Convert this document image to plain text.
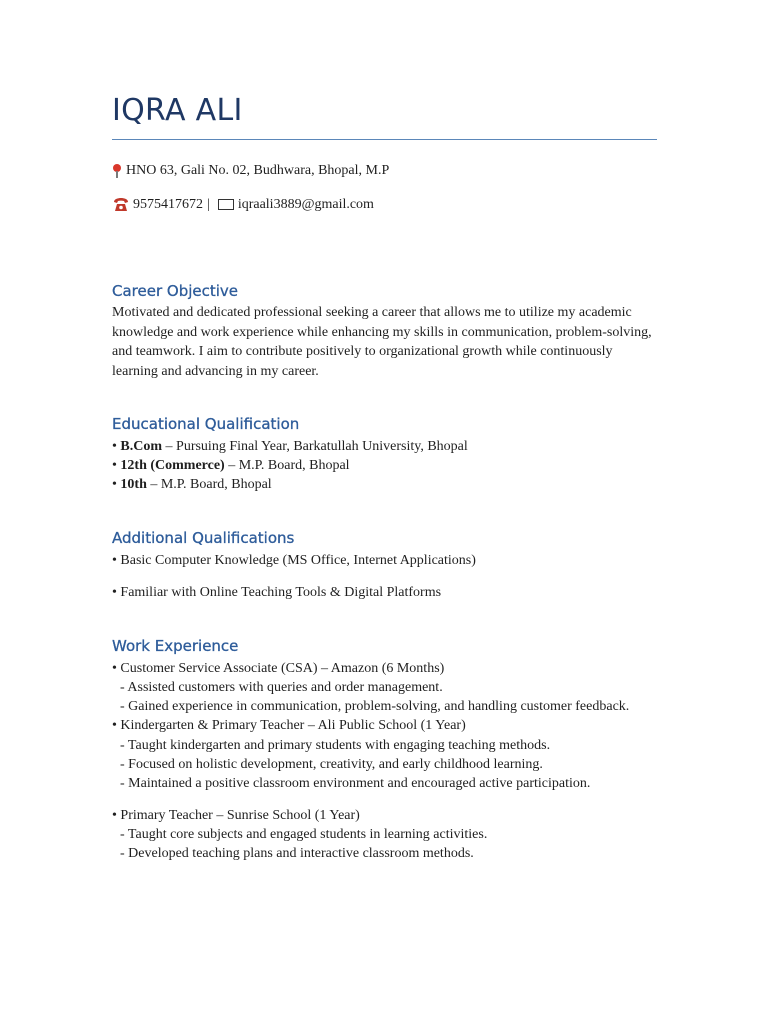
IQRA ALI
HNO 63, Gali No. 02, Budhwara, Bhopal, M.P
9575417672 | iqraali3889@gmail.com
Career Objective

Motivated and dedicated professional seeking a career that allows me to utilize my academic knowledge and work experience while enhancing my skills in communication, problem-solving, and teamwork. I aim to contribute positively to organizational growth while continuously learning and advancing in my career.

Educational Qualification
• B.Com – Pursuing Final Year, Barkatullah University, Bhopal
• 12th (Commerce) – M.P. Board, Bhopal
• 10th – M.P. Board, Bhopal
Additional Qualifications
• Basic Computer Knowledge (MS Office, Internet Applications)
• Familiar with Online Teaching Tools & Digital Platforms
Work Experience
• Customer Service Associate (CSA) – Amazon (6 Months)
- Assisted customers with queries and order management.
- Gained experience in communication, problem-solving, and handling customer feedback.
• Kindergarten & Primary Teacher – Ali Public School (1 Year)
- Taught kindergarten and primary students with engaging teaching methods.
- Focused on holistic development, creativity, and early childhood learning.
- Maintained a positive classroom environment and encouraged active participation.
• Primary Teacher – Sunrise School (1 Year)
- Taught core subjects and engaged students in learning activities.
- Developed teaching plans and interactive classroom methods.
